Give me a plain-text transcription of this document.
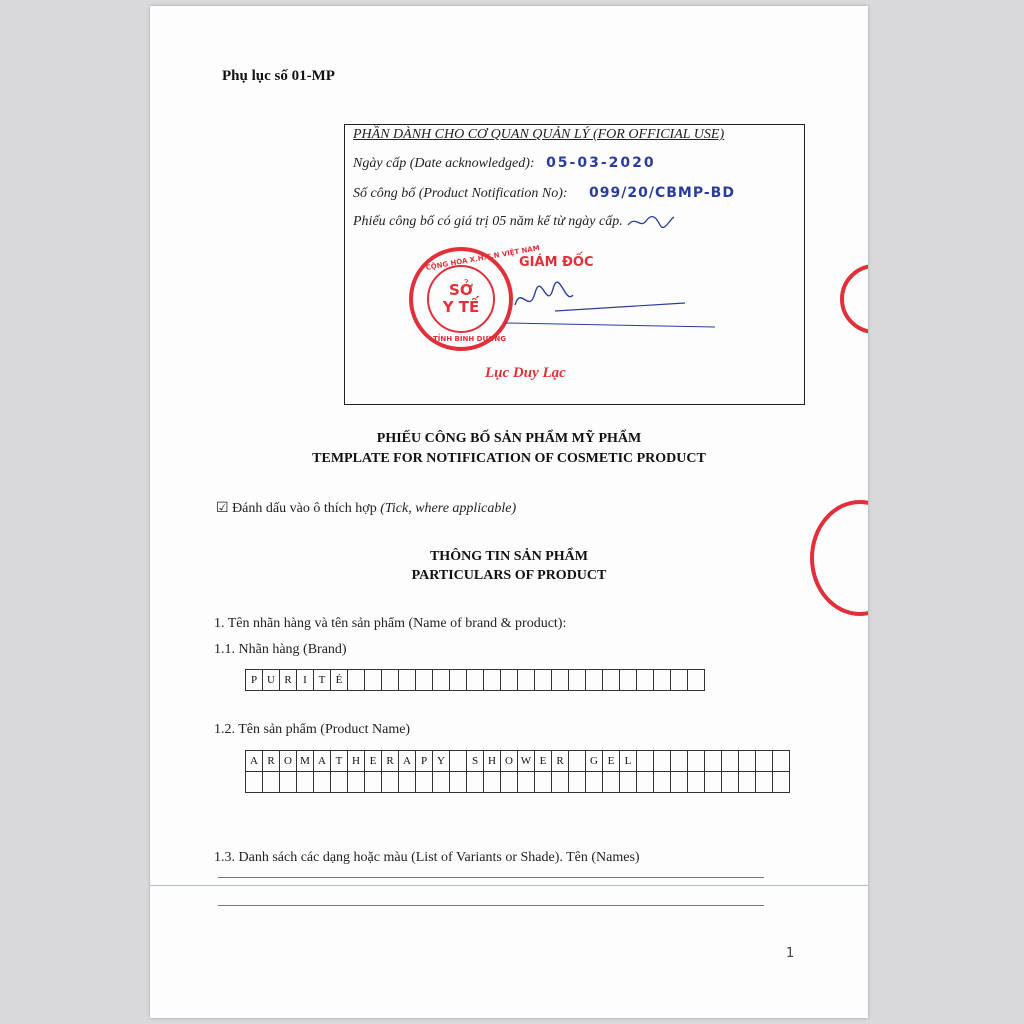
Phụ lục số 01-MP
PHẦN DÀNH CHO CƠ QUAN QUẢN LÝ (FOR OFFICIAL USE)
Ngày cấp (Date acknowledged): 05-03-2020
Số công bố (Product Notification No): 099/20/CBMP-BD
Phiếu công bố có giá trị 05 năm kể từ ngày cấp.
CỘNG HÒA X.H.C.N VIỆT NAM
SỞ
Y TẾ
TỈNH BÌNH DƯƠNG
GIÁM ĐỐC
Lục Duy Lạc
PHIẾU CÔNG BỐ SẢN PHẨM MỸ PHẨM
TEMPLATE FOR NOTIFICATION OF COSMETIC PRODUCT
☑ Đánh dấu vào ô thích hợp (Tick, where applicable)
THÔNG TIN SẢN PHẨM
PARTICULARS OF PRODUCT
1. Tên nhãn hàng và tên sản phẩm (Name of brand & product):
1.1. Nhãn hàng (Brand)
P	U	R	I	T	É																					
1.2. Tên sản phẩm (Product Name)
A	R	O	M	A	T	H	E	R	A	P	Y		S	H	O	W	E	R		G	E	L									

1.3. Danh sách các dạng hoặc màu (List of Variants or Shade). Tên (Names)
1
